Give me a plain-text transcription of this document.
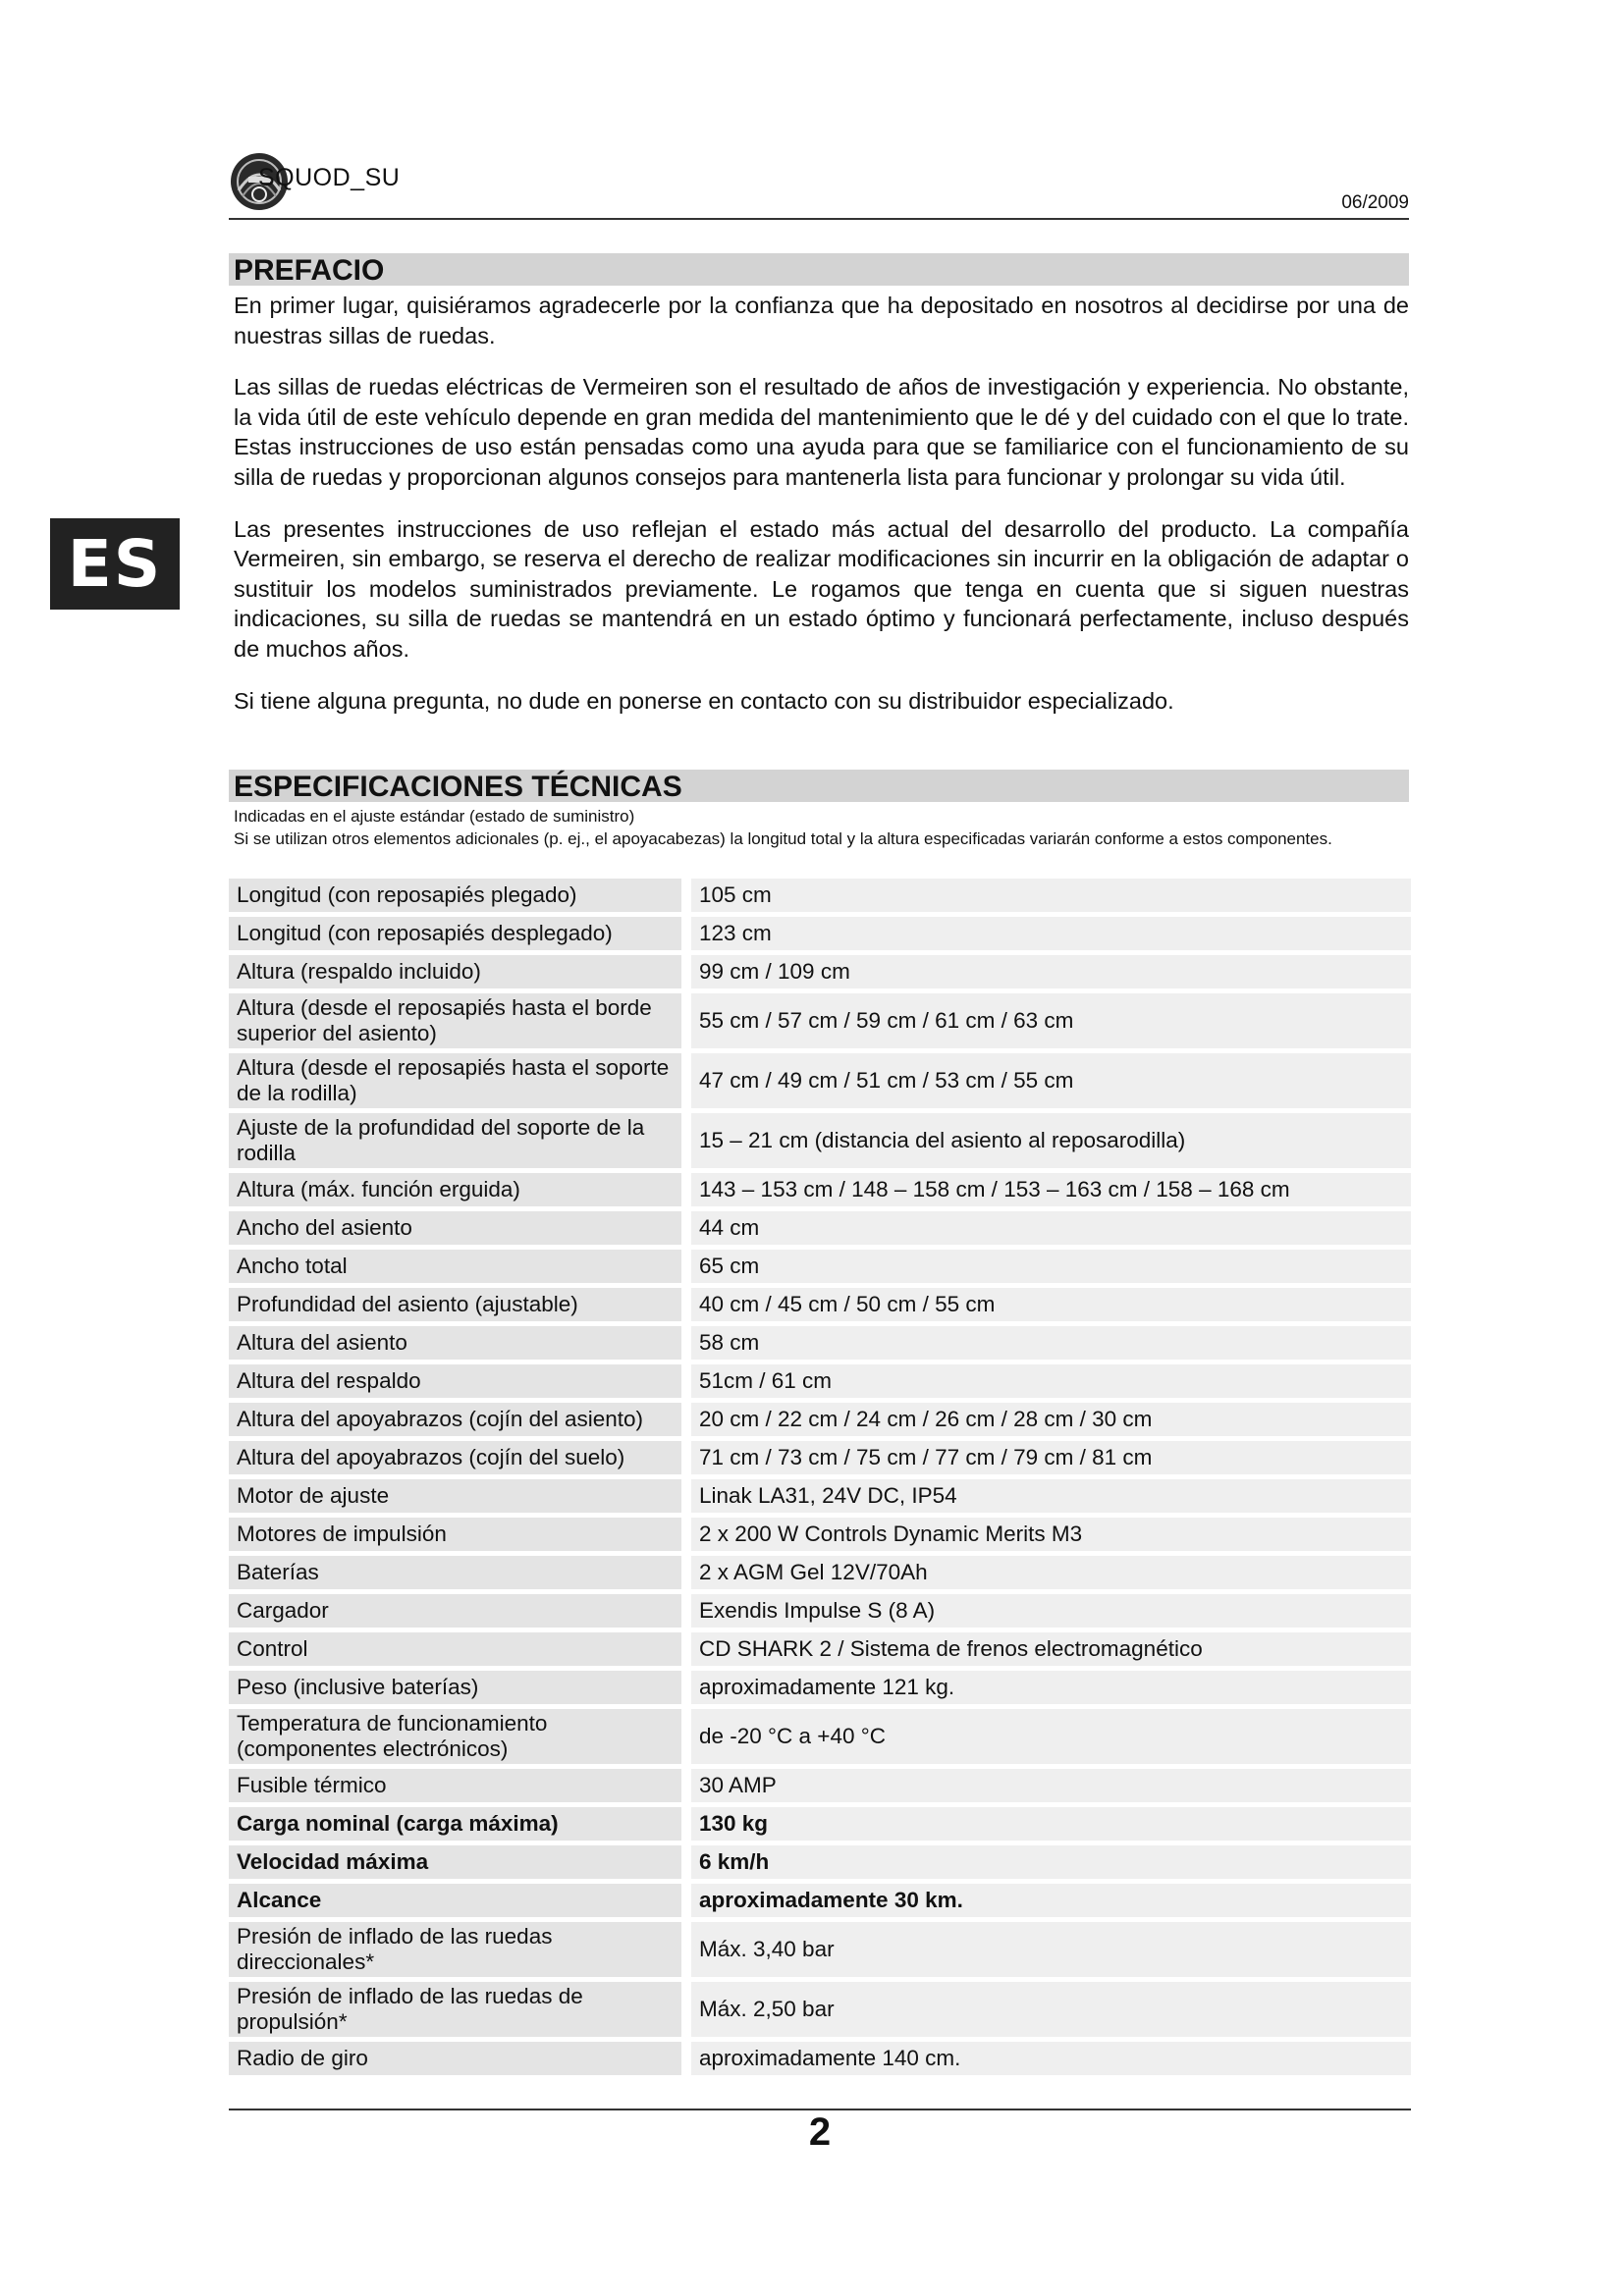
SQUOD_SU
06/2009
ES
PREFACIO

En primer lugar, quisiéramos agradecerle por la confianza que ha depositado en nosotros al decidirse por una de nuestras sillas de ruedas.

Las sillas de ruedas eléctricas de Vermeiren son el resultado de años de investigación y experiencia. No obstante, la vida útil de este vehículo depende en gran medida del mantenimiento que le dé y del cuidado con el que lo trate. Estas instrucciones de uso están pensadas como una ayuda para que se familiarice con el funcionamiento de su silla de ruedas y proporcionan algunos consejos para mantenerla lista para funcionar y prolongar su vida útil.

Las presentes instrucciones de uso reflejan el estado más actual del desarrollo del producto. La compañía Vermeiren, sin embargo, se reserva el derecho de realizar modificaciones sin incurrir en la obligación de adaptar o sustituir los modelos suministrados previamente. Le rogamos que tenga en cuenta que si siguen nuestras indicaciones, su silla de ruedas se mantendrá en un estado óptimo y funcionará perfectamente, incluso después de muchos años.

Si tiene alguna pregunta, no dude en ponerse en contacto con su distribuidor especializado.

ESPECIFICACIONES TÉCNICAS
Indicadas en el ajuste estándar (estado de suministro)
Si se utilizan otros elementos adicionales (p. ej., el apoyacabezas) la longitud total y la altura especificadas variarán conforme a estos componentes.
Longitud (con reposapiés plegado)		105 cm
Longitud (con reposapiés desplegado)		123 cm
Altura (respaldo incluido)		99 cm / 109 cm
Altura (desde el reposapiés hasta el borde superior del asiento)		55 cm / 57 cm / 59 cm / 61 cm / 63 cm
Altura (desde el reposapiés hasta el soporte de la rodilla)		47 cm / 49 cm / 51 cm / 53 cm / 55 cm
Ajuste de la profundidad del soporte de la rodilla		15 – 21 cm (distancia del asiento al reposarodilla)
Altura (máx. función erguida)		143 – 153 cm / 148 – 158 cm / 153 – 163 cm / 158 – 168 cm
Ancho del asiento		44 cm
Ancho total		65 cm
Profundidad del asiento (ajustable)		40 cm / 45 cm / 50 cm / 55 cm
Altura del asiento		58 cm
Altura del respaldo		51cm / 61 cm
Altura del apoyabrazos (cojín del asiento)		20 cm / 22 cm / 24 cm / 26 cm / 28 cm / 30 cm
Altura del apoyabrazos (cojín del suelo)		71 cm / 73 cm / 75 cm / 77 cm / 79 cm / 81 cm
Motor de ajuste		Linak LA31, 24V DC, IP54
Motores de impulsión		2 x 200 W Controls Dynamic Merits M3
Baterías		2 x AGM Gel 12V/70Ah
Cargador		Exendis Impulse S (8 A)
Control		CD SHARK 2 / Sistema de frenos electromagnético
Peso (inclusive baterías)		aproximadamente 121 kg.
Temperatura de funcionamiento (componentes electrónicos)		de -20 °C a +40 °C
Fusible térmico		30 AMP
Carga nominal (carga máxima)		130 kg
Velocidad máxima		6 km/h
Alcance		aproximadamente 30 km.
Presión de inflado de las ruedas direccionales*		Máx. 3,40 bar
Presión de inflado de las ruedas de propulsión*		Máx. 2,50 bar
Radio de giro		aproximadamente 140 cm.
2
